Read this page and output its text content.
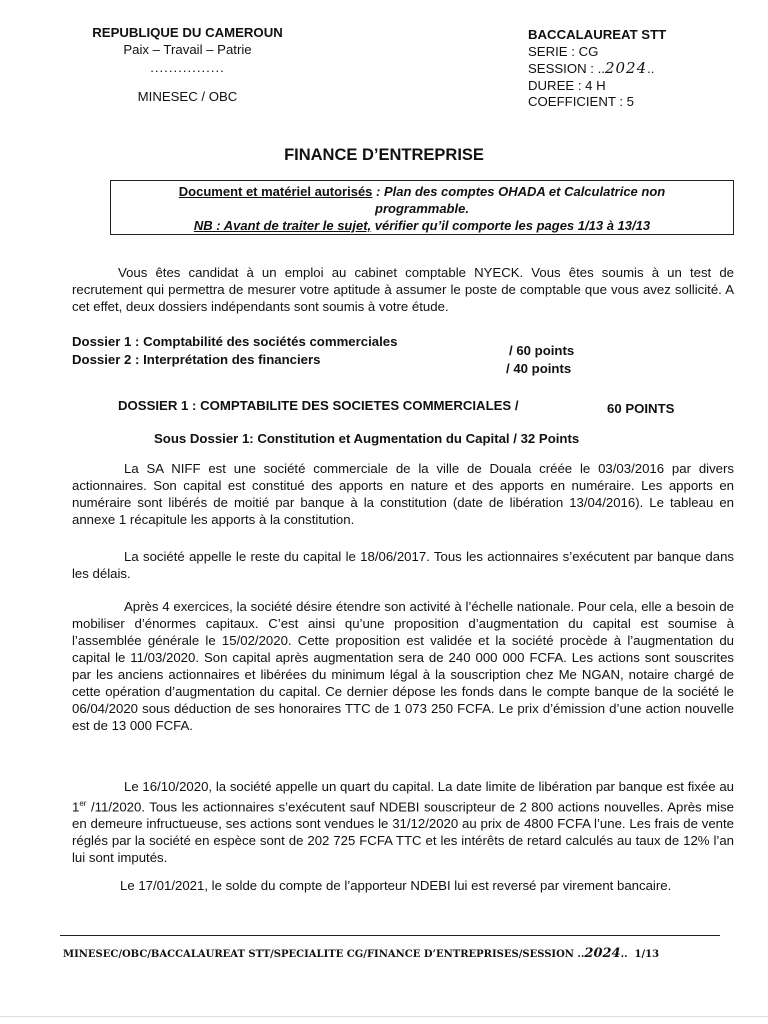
REPUBLIQUE DU CAMEROUN
Paix – Travail – Patrie
................
MINESEC / OBC
BACCALAUREAT STT
SERIE : CG
SESSION : ..2024..
DUREE : 4 H
COEFFICIENT : 5
FINANCE D’ENTREPRISE
Document et matériel autorisés : Plan des comptes OHADA et Calculatrice non
programmable.
NB : Avant de traiter le sujet, vérifier qu’il comporte les pages 1/13 à 13/13
Vous êtes candidat à un emploi au cabinet comptable NYECK. Vous êtes soumis à un test de recrutement qui permettra de mesurer votre aptitude à assumer le poste de comptable que vous avez sollicité. A cet effet, deux dossiers indépendants sont soumis à votre étude.
Dossier 1 : Comptabilité des sociétés commerciales
/ 60 points
Dossier 2 : Interprétation des financiers
/ 40 points
DOSSIER 1 : COMPTABILITE DES SOCIETES COMMERCIALES /	60 POINTS
Sous Dossier 1: Constitution et Augmentation du Capital / 32 Points
La SA NIFF est une société commerciale de la ville de Douala créée le 03/03/2016 par divers actionnaires. Son capital est constitué des apports en nature et des apports en numéraire. Les apports en numéraire sont libérés de moitié par banque à la constitution (date de libération 13/04/2016). Le tableau en annexe 1 récapitule les apports à la constitution.
La société appelle le reste du capital le 18/06/2017. Tous les actionnaires s’exécutent par banque dans les délais.
Après 4 exercices, la société désire étendre son activité à l’échelle nationale. Pour cela, elle a besoin de mobiliser d’énormes capitaux. C’est ainsi qu’une proposition d’augmentation du capital est soumise à l’assemblée générale le 15/02/2020. Cette proposition est validée et la société procède à l’augmentation du capital le 11/03/2020. Son capital après augmentation sera de 240 000 000 FCFA. Les actions sont souscrites par les anciens actionnaires et libérées du minimum légal à la souscription chez Me NGAN, notaire chargé de cette opération d’augmentation du capital. Ce dernier dépose les fonds dans le compte banque de la société le 06/04/2020 sous déduction de ses honoraires TTC de 1 073 250 FCFA. Le prix d’émission d’une action nouvelle est de 13 000 FCFA.
Le 16/10/2020, la société appelle un quart du capital. La date limite de libération par banque est fixée au 1er /11/2020. Tous les actionnaires s’exécutent sauf NDEBI souscripteur de 2 800 actions nouvelles. Après mise en demeure infructueuse, ses actions sont vendues le 31/12/2020 au prix de 4800 FCFA l’une. Les frais de vente réglés par la société en espèce sont de 202 725 FCFA TTC et les intérêts de retard calculés au taux de 12% l’an lui sont imputés.
Le 17/01/2021, le solde du compte de l’apporteur NDEBI lui est reversé par virement bancaire.
MINESEC/OBC/BACCALAUREAT STT/SPECIALITE CG/FINANCE D’ENTREPRISES/SESSION ..2024.. 1/13
